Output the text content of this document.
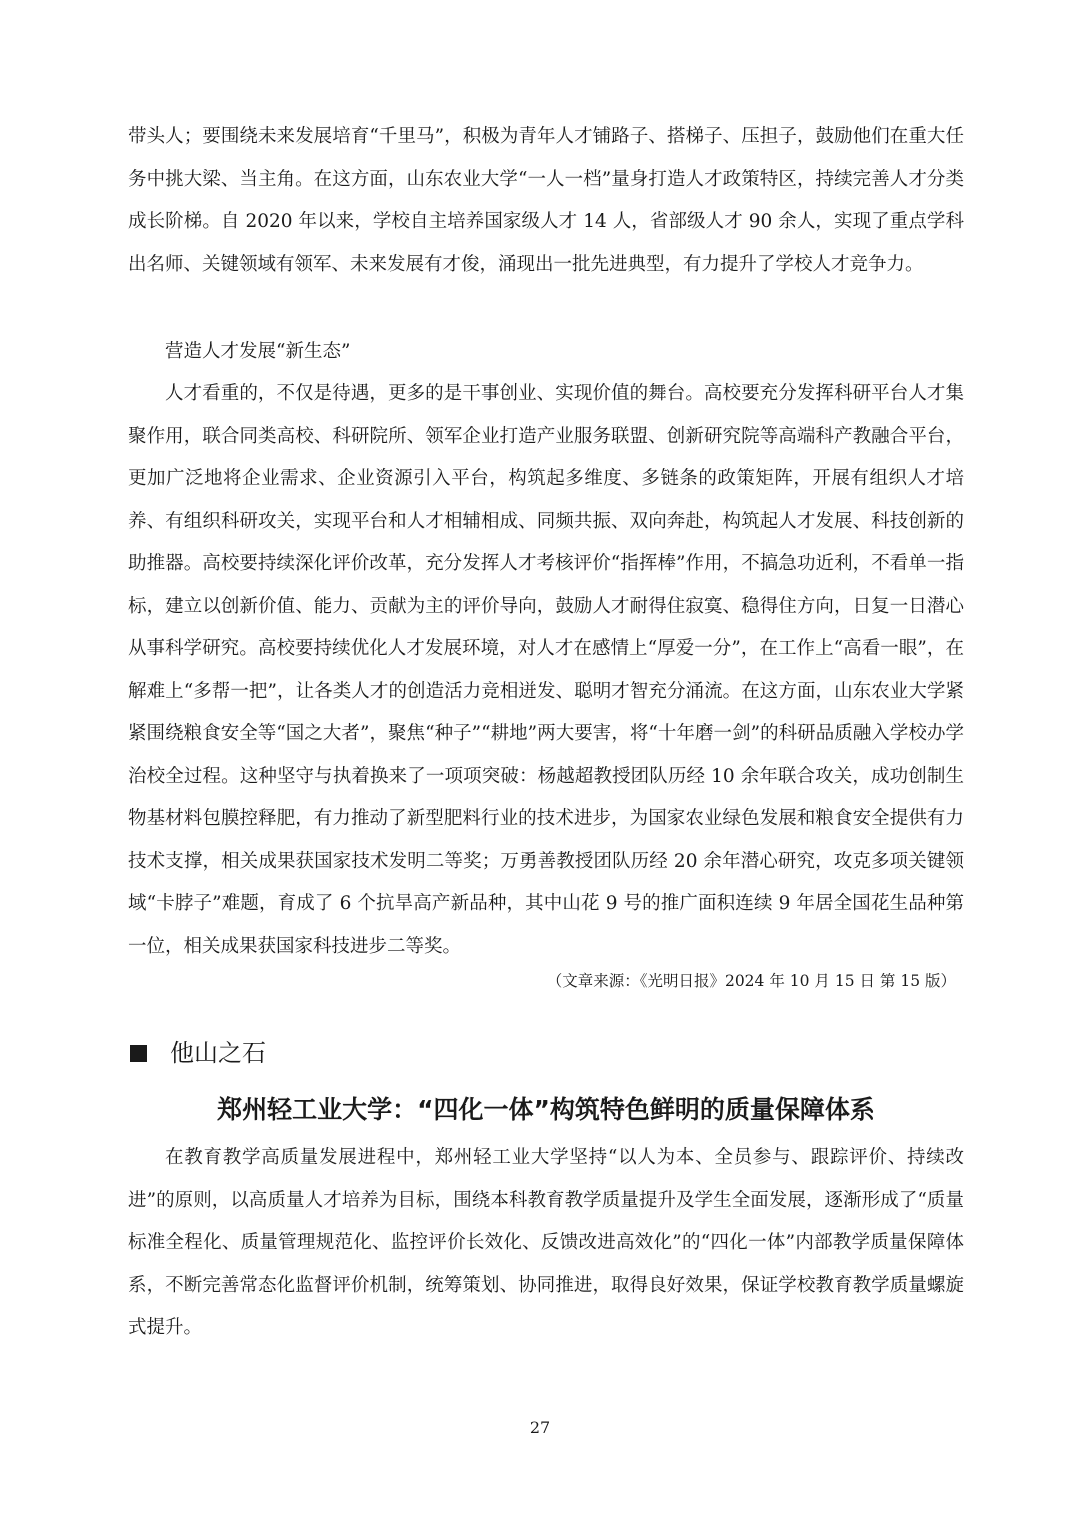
带头人；要围绕未来发展培育“千里马”，积极为青年人才铺路子、搭梯子、压担子，鼓励他们在重大任务中挑大梁、当主角。在这方面，山东农业大学“一人一档”量身打造人才政策特区，持续完善人才分类成长阶梯。自 2020 年以来，学校自主培养国家级人才 14 人，省部级人才 90 余人，实现了重点学科出名师、关键领域有领军、未来发展有才俊，涌现出一批先进典型，有力提升了学校人才竞争力。

营造人才发展“新生态”

人才看重的，不仅是待遇，更多的是干事创业、实现价值的舞台。高校要充分发挥科研平台人才集聚作用，联合同类高校、科研院所、领军企业打造产业服务联盟、创新研究院等高端科产教融合平台，更加广泛地将企业需求、企业资源引入平台，构筑起多维度、多链条的政策矩阵，开展有组织人才培养、有组织科研攻关，实现平台和人才相辅相成、同频共振、双向奔赴，构筑起人才发展、科技创新的助推器。高校要持续深化评价改革，充分发挥人才考核评价“指挥棒”作用，不搞急功近利，不看单一指标，建立以创新价值、能力、贡献为主的评价导向，鼓励人才耐得住寂寞、稳得住方向，日复一日潜心从事科学研究。高校要持续优化人才发展环境，对人才在感情上“厚爱一分”，在工作上“高看一眼”，在解难上“多帮一把”，让各类人才的创造活力竞相迸发、聪明才智充分涌流。在这方面，山东农业大学紧紧围绕粮食安全等“国之大者”，聚焦“种子”“耕地”两大要害，将“十年磨一剑”的科研品质融入学校办学治校全过程。这种坚守与执着换来了一项项突破：杨越超教授团队历经 10 余年联合攻关，成功创制生物基材料包膜控释肥，有力推动了新型肥料行业的技术进步，为国家农业绿色发展和粮食安全提供有力技术支撑，相关成果获国家技术发明二等奖；万勇善教授团队历经 20 余年潜心研究，攻克多项关键领域“卡脖子”难题，育成了 6 个抗旱高产新品种，其中山花 9 号的推广面积连续 9 年居全国花生品种第一位，相关成果获国家科技进步二等奖。

（文章来源：《光明日报》2024 年 10 月 15 日 第 15 版）

他山之石
郑州轻工业大学：“四化一体”构筑特色鲜明的质量保障体系

在教育教学高质量发展进程中，郑州轻工业大学坚持“以人为本、全员参与、跟踪评价、持续改进”的原则，以高质量人才培养为目标，围绕本科教育教学质量提升及学生全面发展，逐渐形成了“质量标准全程化、质量管理规范化、监控评价长效化、反馈改进高效化”的“四化一体”内部教学质量保障体系，不断完善常态化监督评价机制，统筹策划、协同推进，取得良好效果，保证学校教育教学质量螺旋式提升。

27
